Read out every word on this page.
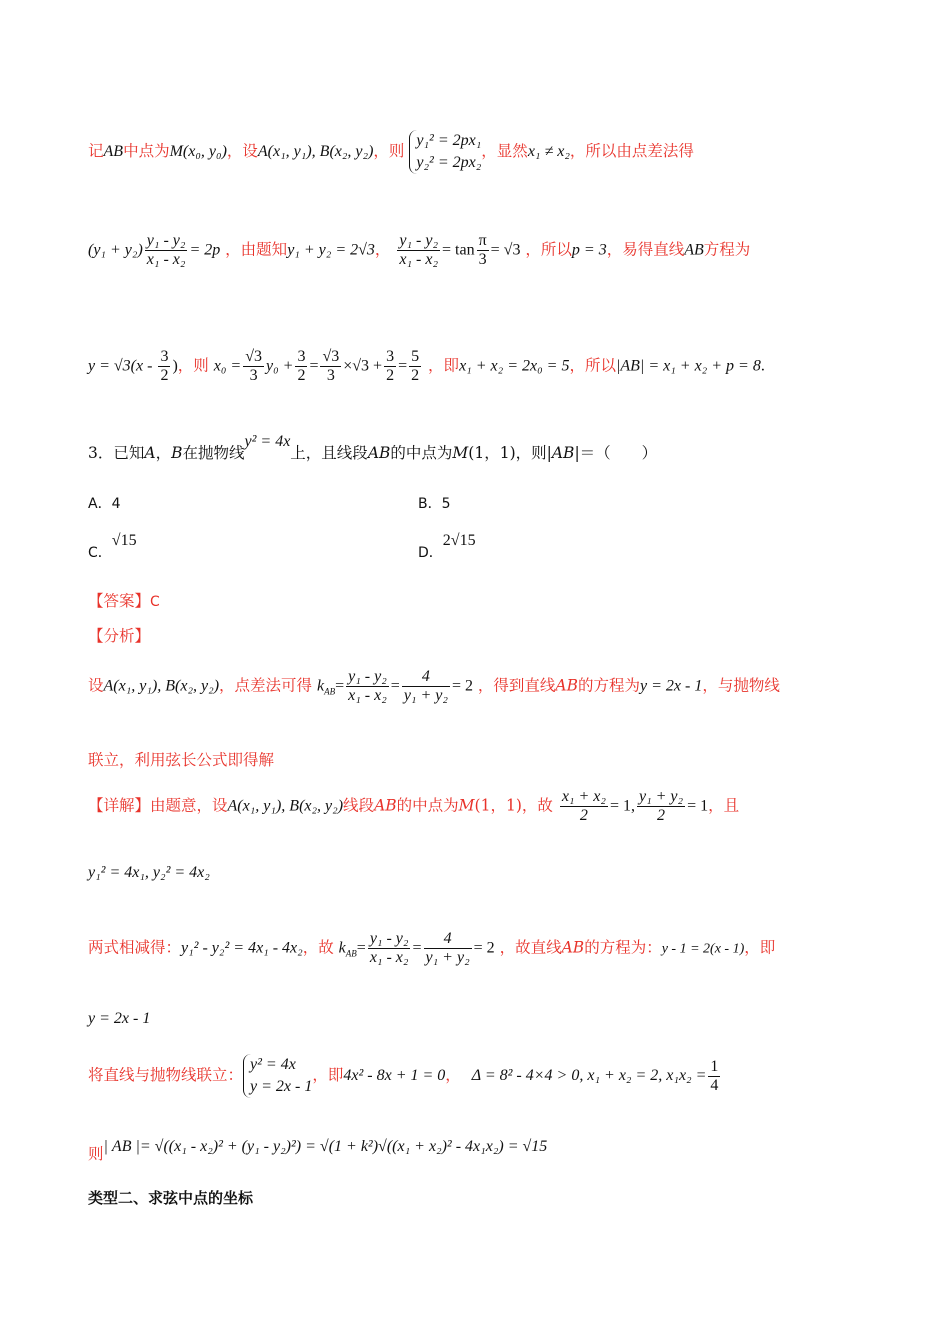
记AB中点为M(x₀, y₀)，设A(x₁, y₁), B(x₂, y₂)，则
y₁² = 2px₁
y₂² = 2px₂
，显然x₁ ≠ x₂，所以由点差法得
$(y_1 + y_2) \frac{\text{y₁ - y₂}}{\text{x₁ - x₂}} = 2p$ ，由题知y₁ + y₂ = 2√3， $\frac{\text{y₁ - y₂}}{\text{x₁ - x₂}} = \tan \frac{\pi}{3} = √3$ ，所以p = 3，易得直线AB方程为
$y = √3(x - \frac{3}{2}$ )，则 $x_0 = \frac{√3}{3} y_0 + \frac{3}{2} = \frac{√3}{3} \times√3 + \frac{3}{2} = \frac{5}{2}$ ，即x₁ + x₂ = 2x₀ = 5，所以|AB| = x₁ + x₂ + p = 8.
3．已知A，B在抛物线y² = 4x上，且线段AB的中点为M(1，1)，则|AB|＝（　　）
A．4	B．5
C．√15
D．2√15
【答案】C
【分析】
设A(x₁, y₁), B(x₂, y₂)，点差法可得 $k_{AB}= \frac{\text{y₁ - y₂}}{\text{x₁ - x₂}} = \frac{4}{\text{y₁ + y₂}} = 2$ ，得到直线AB的方程为y = 2x - 1，与抛物线
联立，利用弦长公式即得解
【详解】由题意，设A(x₁, y₁), B(x₂, y₂)线段AB的中点为M(1，1)，故 $\frac{\text{x₁ + x₂}}{2} = 1$, $\frac{\text{y₁ + y₂}}{2} = 1$，且
y₁² = 4x₁, y₂² = 4x₂
两式相减得：y₁² - y₂² = 4x₁ - 4x₂，故 $k_{AB}= \frac{\text{y₁ - y₂}}{\text{x₁ - x₂}} = \frac{4}{\text{y₁ + y₂}} = 2$ ，故直线AB的方程为：y - 1 = 2(x - 1)，即
y = 2x - 1
将直线与抛物线联立：
y² = 4x
y = 2x - 1
，即4x² - 8x + 1 = 0， Δ = 8² - 4×4 > 0, x₁ + x₂ = 2, $x_1x_2 = \frac{1}{4}$
则| AB |= √((x₁ - x₂)² + (y₁ - y₂)²) = √(1 + k²)√((x₁ + x₂)² - 4x₁x₂) = √15
类型二、求弦中点的坐标
